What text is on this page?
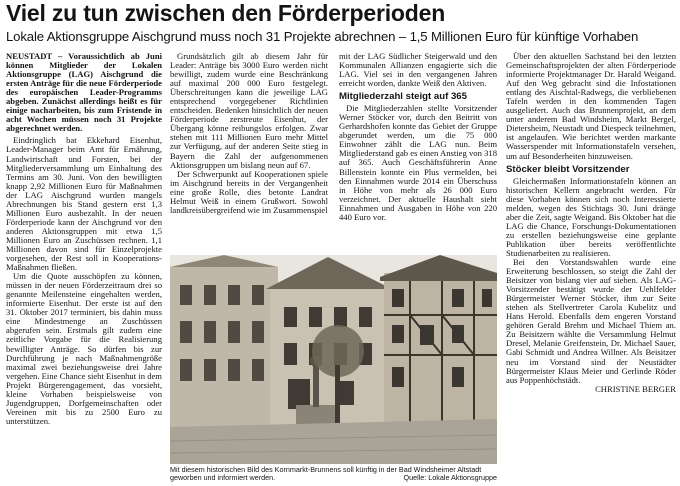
Viel zu tun zwischen den Förderperioden
Lokale Aktionsgruppe Aischgrund muss noch 31 Projekte abrechnen – 1,5 Millionen Euro für künftige Vorhaben

NEUSTADT – Voraussichtlich ab Juni können Mitglieder der Lokalen Aktionsgruppe (LAG) Aischgrund die ersten Anträge für die neue Förderperiode des europäischen Leader-Programms abgeben. Zunächst allerdings heißt es für einige nacharbeiten, bis zum Fristende in acht Wochen müssen noch 31 Projekte abgerechnet werden.

Eindringlich bat Ekkehard Eisenhut, Leader-Manager beim Amt für Ernährung, Landwirtschaft und Forsten, bei der Mitgliederversammlung um Einhaltung des Termins am 30. Juni. Von den bewilligten knapp 2,92 Millionen Euro für Maßnahmen der LAG Aischgrund wurden mangels Abrechnungen bis Stand gestern erst 1,3 Millionen Euro ausbezahlt. In der neuen Förderperiode kann der Aischgrund vor den anderen Aktionsgruppen mit etwa 1,5 Millionen Euro an Zuschüssen rechnen. 1,1 Millionen davon sind für Einzelprojekte vorgesehen, der Rest soll in Kooperations-Maßnahmen fließen.

Um die Quote ausschöpfen zu können, müssen in der neuen Förderzeitraum drei so genannte Meilensteine eingehalten werden, informierte Eisenhut. Der erste ist auf den 31. Oktober 2017 terminiert, bis dahin muss eine Mindestmenge an Zuschüssen abgerufen sein. Erstmals gilt zudem eine zeitliche Vorgabe für die Realisierung bewilligter Anträge. So dürfen bis zur Durchführung je nach Maßnahmengröße maximal zwei beziehungsweise drei Jahre vergehen. Eine Chance sieht Eisenhut in dem Projekt Bürgerengagement, das vorsieht, kleine Vorhaben beispielsweise von Jugendgruppen, Dorfgemeinschaften oder Vereinen mit bis zu 2500 Euro zu unterstützen.

Grundsätzlich gilt ab diesem Jahr für Leader: Anträge bis 3000 Euro werden nicht bewilligt, zudem wurde eine Beschränkung auf maximal 200 000 Euro festgelegt. Überschreitungen kann die jeweilige LAG entsprechend vorgegebener Richtlinien entscheiden. Bedenken hinsichtlich der neuen Förderperiode zerstreute Eisenhut, der Übergang könne reibungslos erfolgen. Zwar stehen mit 111 Millionen Euro mehr Mittel zur Verfügung, auf der anderen Seite stieg in Bayern die Zahl der aufgenommenen Aktionsgruppen um bislang neun auf 67.

Der Schwerpunkt auf Kooperationen spiele im Aischgrund bereits in der Vergangenheit eine große Rolle, dies betonte Landrat Helmut Weiß in einem Grußwort. Sowohl landkreisübergreifend wie im Zusammenspiel

mit der LAG Südlicher Steigerwald und den Kommunalen Allianzen engagierte sich die LAG. Viel sei in den vergangenen Jahren erreicht worden, dankte Weiß den Aktiven.

Mitgliederzahl steigt auf 365

Die Mitgliederzahlen stellte Vorsitzender Werner Stöcker vor, durch den Beitritt von Gerhardshofen konnte das Gebiet der Gruppe abgerundet werden, um die 75 000 Einwohner zählt die LAG nun. Beim Mitgliederstand gab es einen Anstieg von 318 auf 365. Auch Geschäftsführerin Anne Billenstein konnte ein Plus vermelden, bei den Einnahmen wurde 2014 ein Überschuss in Höhe von mehr als 26 000 Euro verzeichnet. Der aktuelle Haushalt sieht Einnahmen und Ausgaben in Höhe von 220 440 Euro vor.

Über den aktuellen Sachstand bei den letzten Gemeinschaftsprojekten der alten Förderperiode informierte Projektmanager Dr. Harald Weigand. Auf den Weg gebracht sind die Infostationen entlang des Aischtal-Radwegs, die verbliebenen Tafeln werden in den kommenden Tagen ausgeliefert. Auch das Brunnenprojekt, an dem unter anderem Bad Windsheim, Markt Bergel, Dietersheim, Neustadt und Diespeck teilnehmen, ist angelaufen. Wie berichtet werden markante Wasserspender mit Informationstafeln versehen, um auf Besonderheiten hinzuweisen.

Stöcker bleibt Vorsitzender

Gleichermaßen Informationstafeln können an historischen Kellern angebracht werden. Für diese Vorhaben können sich noch Interessierte melden, wegen des Stichtags 30. Juni dränge aber die Zeit, sagte Weigand. Bis Oktober hat die LAG die Chance, Forschungs-Dokumentationen zu erstellen beziehungsweise eine geplante Publikation über bereits veröffentlichte Studienarbeiten zu realisieren.

Bei den Vorstandswahlen wurde eine Erweiterung beschlossen, so steigt die Zahl der Beisitzer von bislang vier auf sieben. Als LAG-Vorsitzender bestätigt wurde der Uehlfelder Bürgermeister Werner Stöcker, ihm zur Seite stehen als Stellvertreter Carola Kubelitz und Hans Herold. Ebenfalls dem engeren Vorstand gehören Gerald Brehm und Michael Thiem an. Zu Beisitzern wählte die Versammlung Helmut Dresel, Melanie Greifenstein, Dr. Michael Sauer, Gabi Schmidt und Andrea Willner. Als Beisitzer neu im Vorstand sind der Neustädter Bürgermeister Klaus Meier und Gerlinde Röder aus Poppenhöchstädt.

CHRISTINE BERGER

Mit diesem historischen Bild des Kornmarkt-Brunnens soll künftig in der Bad Windsheimer Altstadt geworben und informiert werden.	Quelle: Lokale Aktionsgruppe
